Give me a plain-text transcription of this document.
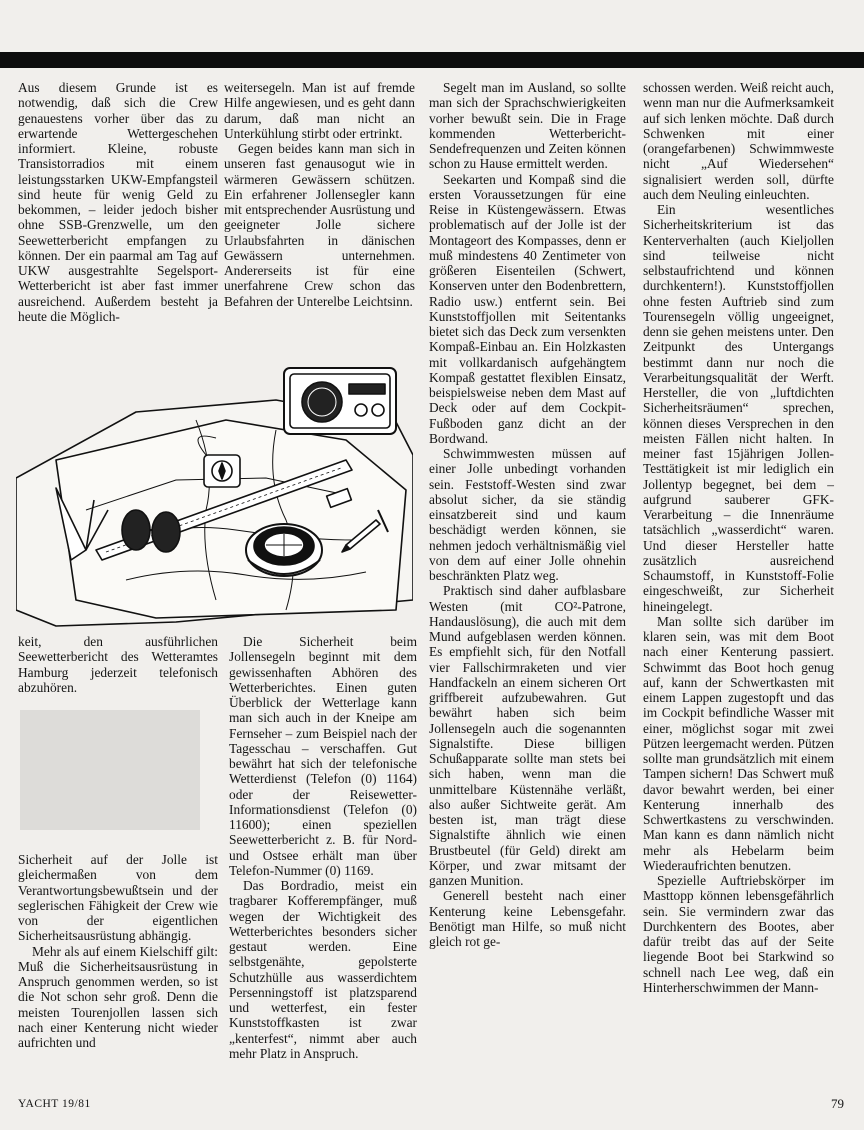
Aus diesem Grunde ist es notwendig, daß sich die Crew genauestens vorher über das zu erwartende Wettergeschehen informiert. Kleine, robuste Transistorradios mit einem leistungsstarken UKW-Empfangsteil sind heute für wenig Geld zu bekommen, – leider jedoch bisher ohne SSB-Grenzwelle, um den Seewetterbericht empfangen zu können. Der ein paarmal am Tag auf UKW ausgestrahlte Segelsport-Wetterbericht ist aber fast immer ausreichend. Außerdem besteht ja heute die Möglich-

keit, den ausführlichen Seewetterbericht des Wetteramtes Hamburg jederzeit telefonisch abzuhören.

Sicherheit auf der Jolle ist gleichermaßen von dem Verantwortungsbewußtsein und der seglerischen Fähigkeit der Crew wie von der eigentlichen Sicherheitsausrüstung abhängig.

Mehr als auf einem Kielschiff gilt: Muß die Sicherheitsausrüstung in Anspruch genommen werden, so ist die Not schon sehr groß. Denn die meisten Tourenjollen lassen sich nach einer Kenterung nicht wieder aufrichten und

weitersegeln. Man ist auf fremde Hilfe angewiesen, und es geht dann darum, daß man nicht an Unterkühlung stirbt oder ertrinkt.

Gegen beides kann man sich in unseren fast genausogut wie in wärmeren Gewässern schützen. Ein erfahrener Jollensegler kann mit entsprechender Ausrüstung und geeigneter Jolle sichere Urlaubsfahrten in dänischen Gewässern unternehmen. Andererseits ist für eine unerfahrene Crew schon das Befahren der Unterelbe Leichtsinn.

Die Sicherheit beim Jollensegeln beginnt mit dem gewissenhaften Abhören des Wetterberichtes. Einen guten Überblick der Wetterlage kann man sich auch in der Kneipe am Fernseher – zum Beispiel nach der Tagesschau – verschaffen. Gut bewährt hat sich der telefonische Wetterdienst (Telefon (0) 1164) oder der Reisewetter-Informationsdienst (Telefon (0) 11600); einen speziellen Seewetterbericht z. B. für Nord- und Ostsee erhält man über Telefon-Nummer (0) 1169.

Das Bordradio, meist ein tragbarer Kofferempfänger, muß wegen der Wichtigkeit des Wetterberichtes besonders sicher gestaut werden. Eine selbstgenähte, gepolsterte Schutzhülle aus wasserdichtem Persenningstoff ist platzsparend und wetterfest, ein fester Kunststoffkasten ist zwar „kenterfest“, nimmt aber auch mehr Platz in Anspruch.

Segelt man im Ausland, so sollte man sich der Sprachschwierigkeiten vorher bewußt sein. Die in Frage kommenden Wetterbericht-Sendefrequenzen und Zeiten können schon zu Hause ermittelt werden.

Seekarten und Kompaß sind die ersten Voraussetzungen für eine Reise in Küstengewässern. Etwas problematisch auf der Jolle ist der Montageort des Kompasses, denn er muß mindestens 40 Zentimeter von größeren Eisenteilen (Schwert, Konserven unter den Bodenbrettern, Radio usw.) entfernt sein. Bei Kunststoffjollen mit Seitentanks bietet sich das Deck zum versenkten Kompaß-Einbau an. Ein Holzkasten mit vollkardanisch aufgehängtem Kompaß gestattet flexiblen Einsatz, beispielsweise neben dem Mast auf Deck oder auf dem Cockpit-Fußboden ganz dicht an der Bordwand.

Schwimmwesten müssen auf einer Jolle unbedingt vorhanden sein. Feststoff-Westen sind zwar absolut sicher, da sie ständig einsatzbereit sind und kaum beschädigt werden können, sie nehmen jedoch verhältnismäßig viel von dem auf einer Jolle ohnehin beschränkten Platz weg.

Praktisch sind daher aufblasbare Westen (mit CO²-Patrone, Handauslösung), die auch mit dem Mund aufgeblasen werden können. Es empfiehlt sich, für den Notfall vier Fallschirmraketen und vier Handfackeln an einem sicheren Ort griffbereit aufzubewahren. Gut bewährt haben sich beim Jollensegeln auch die sogenannten Signalstifte. Diese billigen Schußapparate sollte man stets bei sich haben, wenn man die unmittelbare Küstennähe verläßt, also außer Sichtweite gerät. Am besten ist, man trägt diese Signalstifte ähnlich wie einen Brustbeutel (für Geld) direkt am Körper, und zwar mitsamt der ganzen Munition.

Generell besteht nach einer Kenterung keine Lebensgefahr. Benötigt man Hilfe, so muß nicht gleich rot ge-

schossen werden. Weiß reicht auch, wenn man nur die Aufmerksamkeit auf sich lenken möchte. Daß durch Schwenken mit einer (orangefarbenen) Schwimmweste nicht „Auf Wiedersehen“ signalisiert werden soll, dürfte auch dem Neuling einleuchten.

Ein wesentliches Sicherheitskriterium ist das Kenterverhalten (auch Kieljollen sind teilweise nicht selbstaufrichtend und können durchkentern!). Kunststoffjollen ohne festen Auftrieb sind zum Tourensegeln völlig ungeeignet, denn sie gehen meistens unter. Den Zeitpunkt des Untergangs bestimmt dann nur noch die Verarbeitungsqualität der Werft. Hersteller, die von „luftdichten Sicherheitsräumen“ sprechen, können dieses Versprechen in den meisten Fällen nicht halten. In meiner fast 15jährigen Jollen-Testtätigkeit ist mir lediglich ein Jollentyp begegnet, bei dem – aufgrund sauberer GFK-Verarbeitung – die Innenräume tatsächlich „wasserdicht“ waren. Und dieser Hersteller hatte zusätzlich ausreichend Schaumstoff, in Kunststoff-Folie eingeschweißt, zur Sicherheit hineingelegt.

Man sollte sich darüber im klaren sein, was mit dem Boot nach einer Kenterung passiert. Schwimmt das Boot hoch genug auf, kann der Schwertkasten mit einem Lappen zugestopft und das im Cockpit befindliche Wasser mit einer, möglichst sogar mit zwei Pützen leergemacht werden. Pützen sollte man grundsätzlich mit einem Tampen sichern! Das Schwert muß davor bewahrt werden, bei einer Kenterung innerhalb des Schwertkastens zu verschwinden. Man kann es dann nämlich nicht mehr als Hebelarm beim Wiederaufrichten benutzen.

Spezielle Auftriebskörper im Masttopp können lebensgefährlich sein. Sie vermindern zwar das Durchkentern des Bootes, aber dafür treibt das auf der Seite liegende Boot bei Starkwind so schnell nach Lee weg, daß ein Hinterherschwimmen der Mann-

YACHT 19/81	79
